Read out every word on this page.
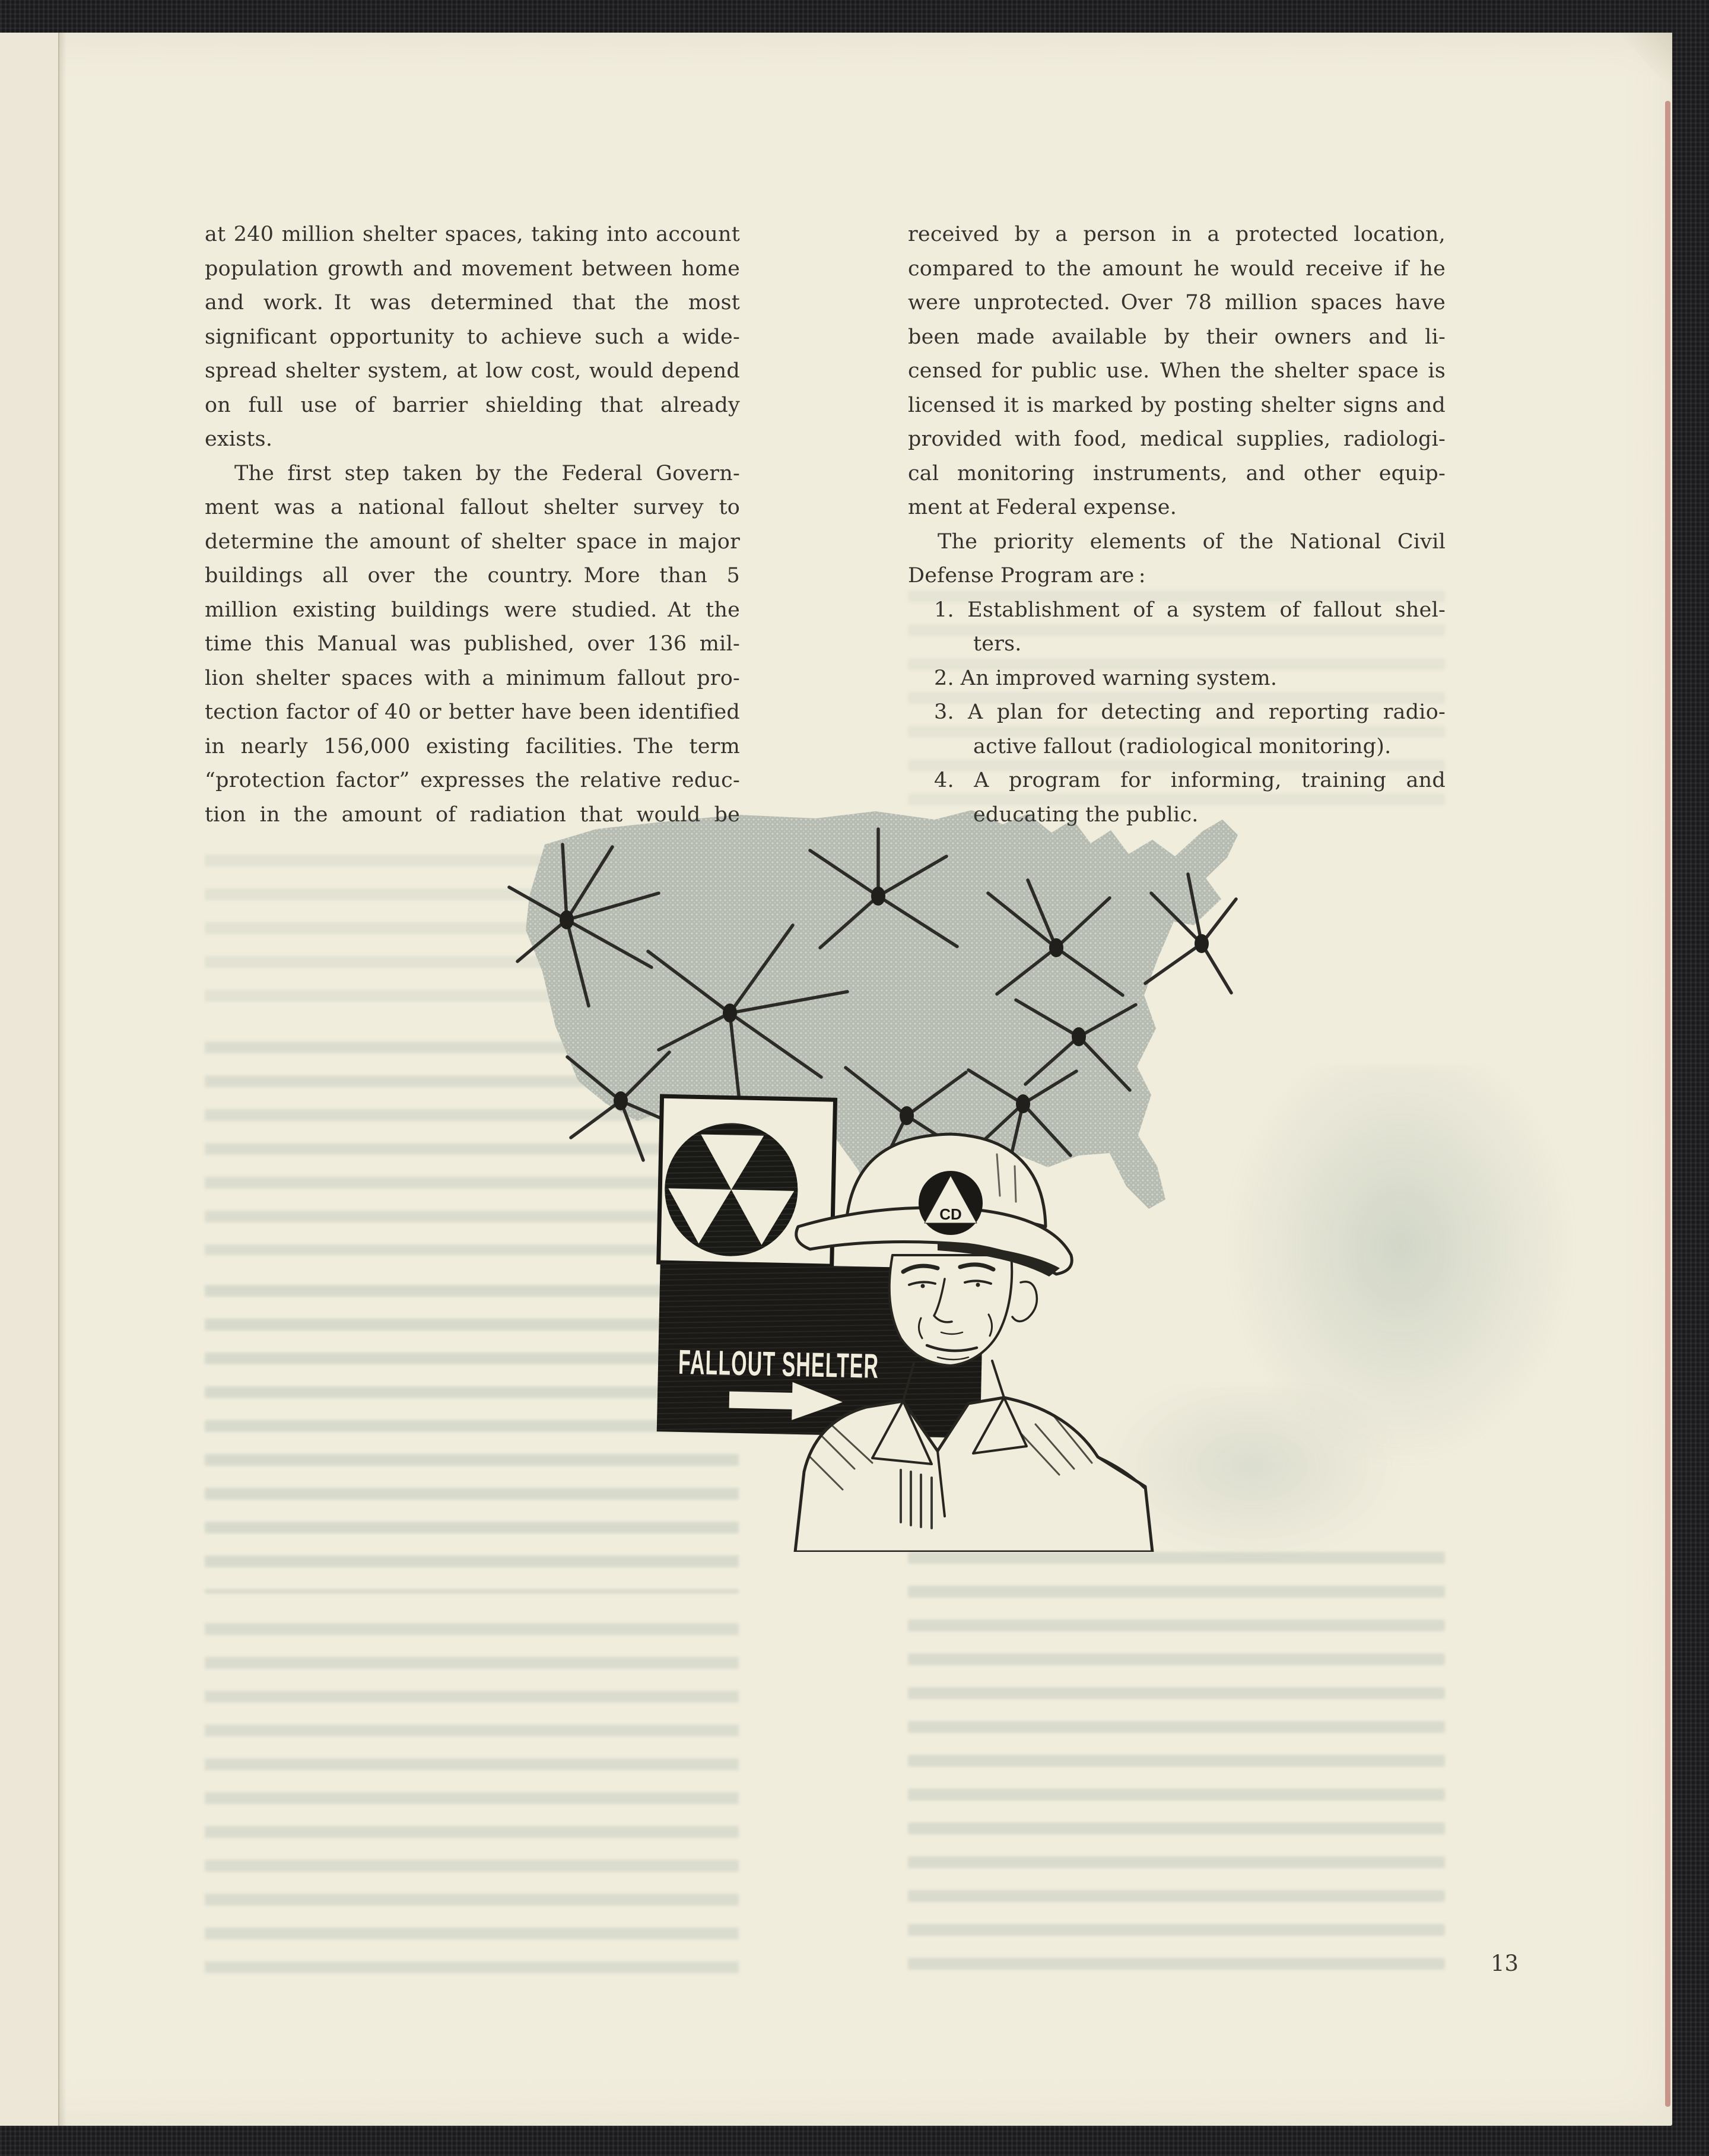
at 240 million shelter spaces, taking into account
population growth and movement between home
and work. It was determined that the most
significant opportunity to achieve such a wide-
spread shelter system, at low cost, would depend
on full use of barrier shielding that already
exists.
The first step taken by the Federal Govern-
ment was a national fallout shelter survey to
determine the amount of shelter space in major
buildings all over the country. More than 5
million existing buildings were studied. At the
time this Manual was published, over 136 mil-
lion shelter spaces with a minimum fallout pro-
tection factor of 40 or better have been identified
in nearly 156,000 existing facilities. The term
“protection factor” expresses the relative reduc-
tion in the amount of radiation that would be
received by a person in a protected location,
compared to the amount he would receive if he
were unprotected. Over 78 million spaces have
been made available by their owners and li-
censed for public use. When the shelter space is
licensed it is marked by posting shelter signs and
provided with food, medical supplies, radiologi-
cal monitoring instruments, and other equip-
ment at Federal expense.
The priority elements of the National Civil
Defense Program are :
1. Establishment of a system of fallout shel-
ters.
2. An improved warning system.
3. A plan for detecting and reporting radio-
active fallout (radiological monitoring).
4. A program for informing, training and
educating the public.
FALLOUT SHELTER
CD
13
